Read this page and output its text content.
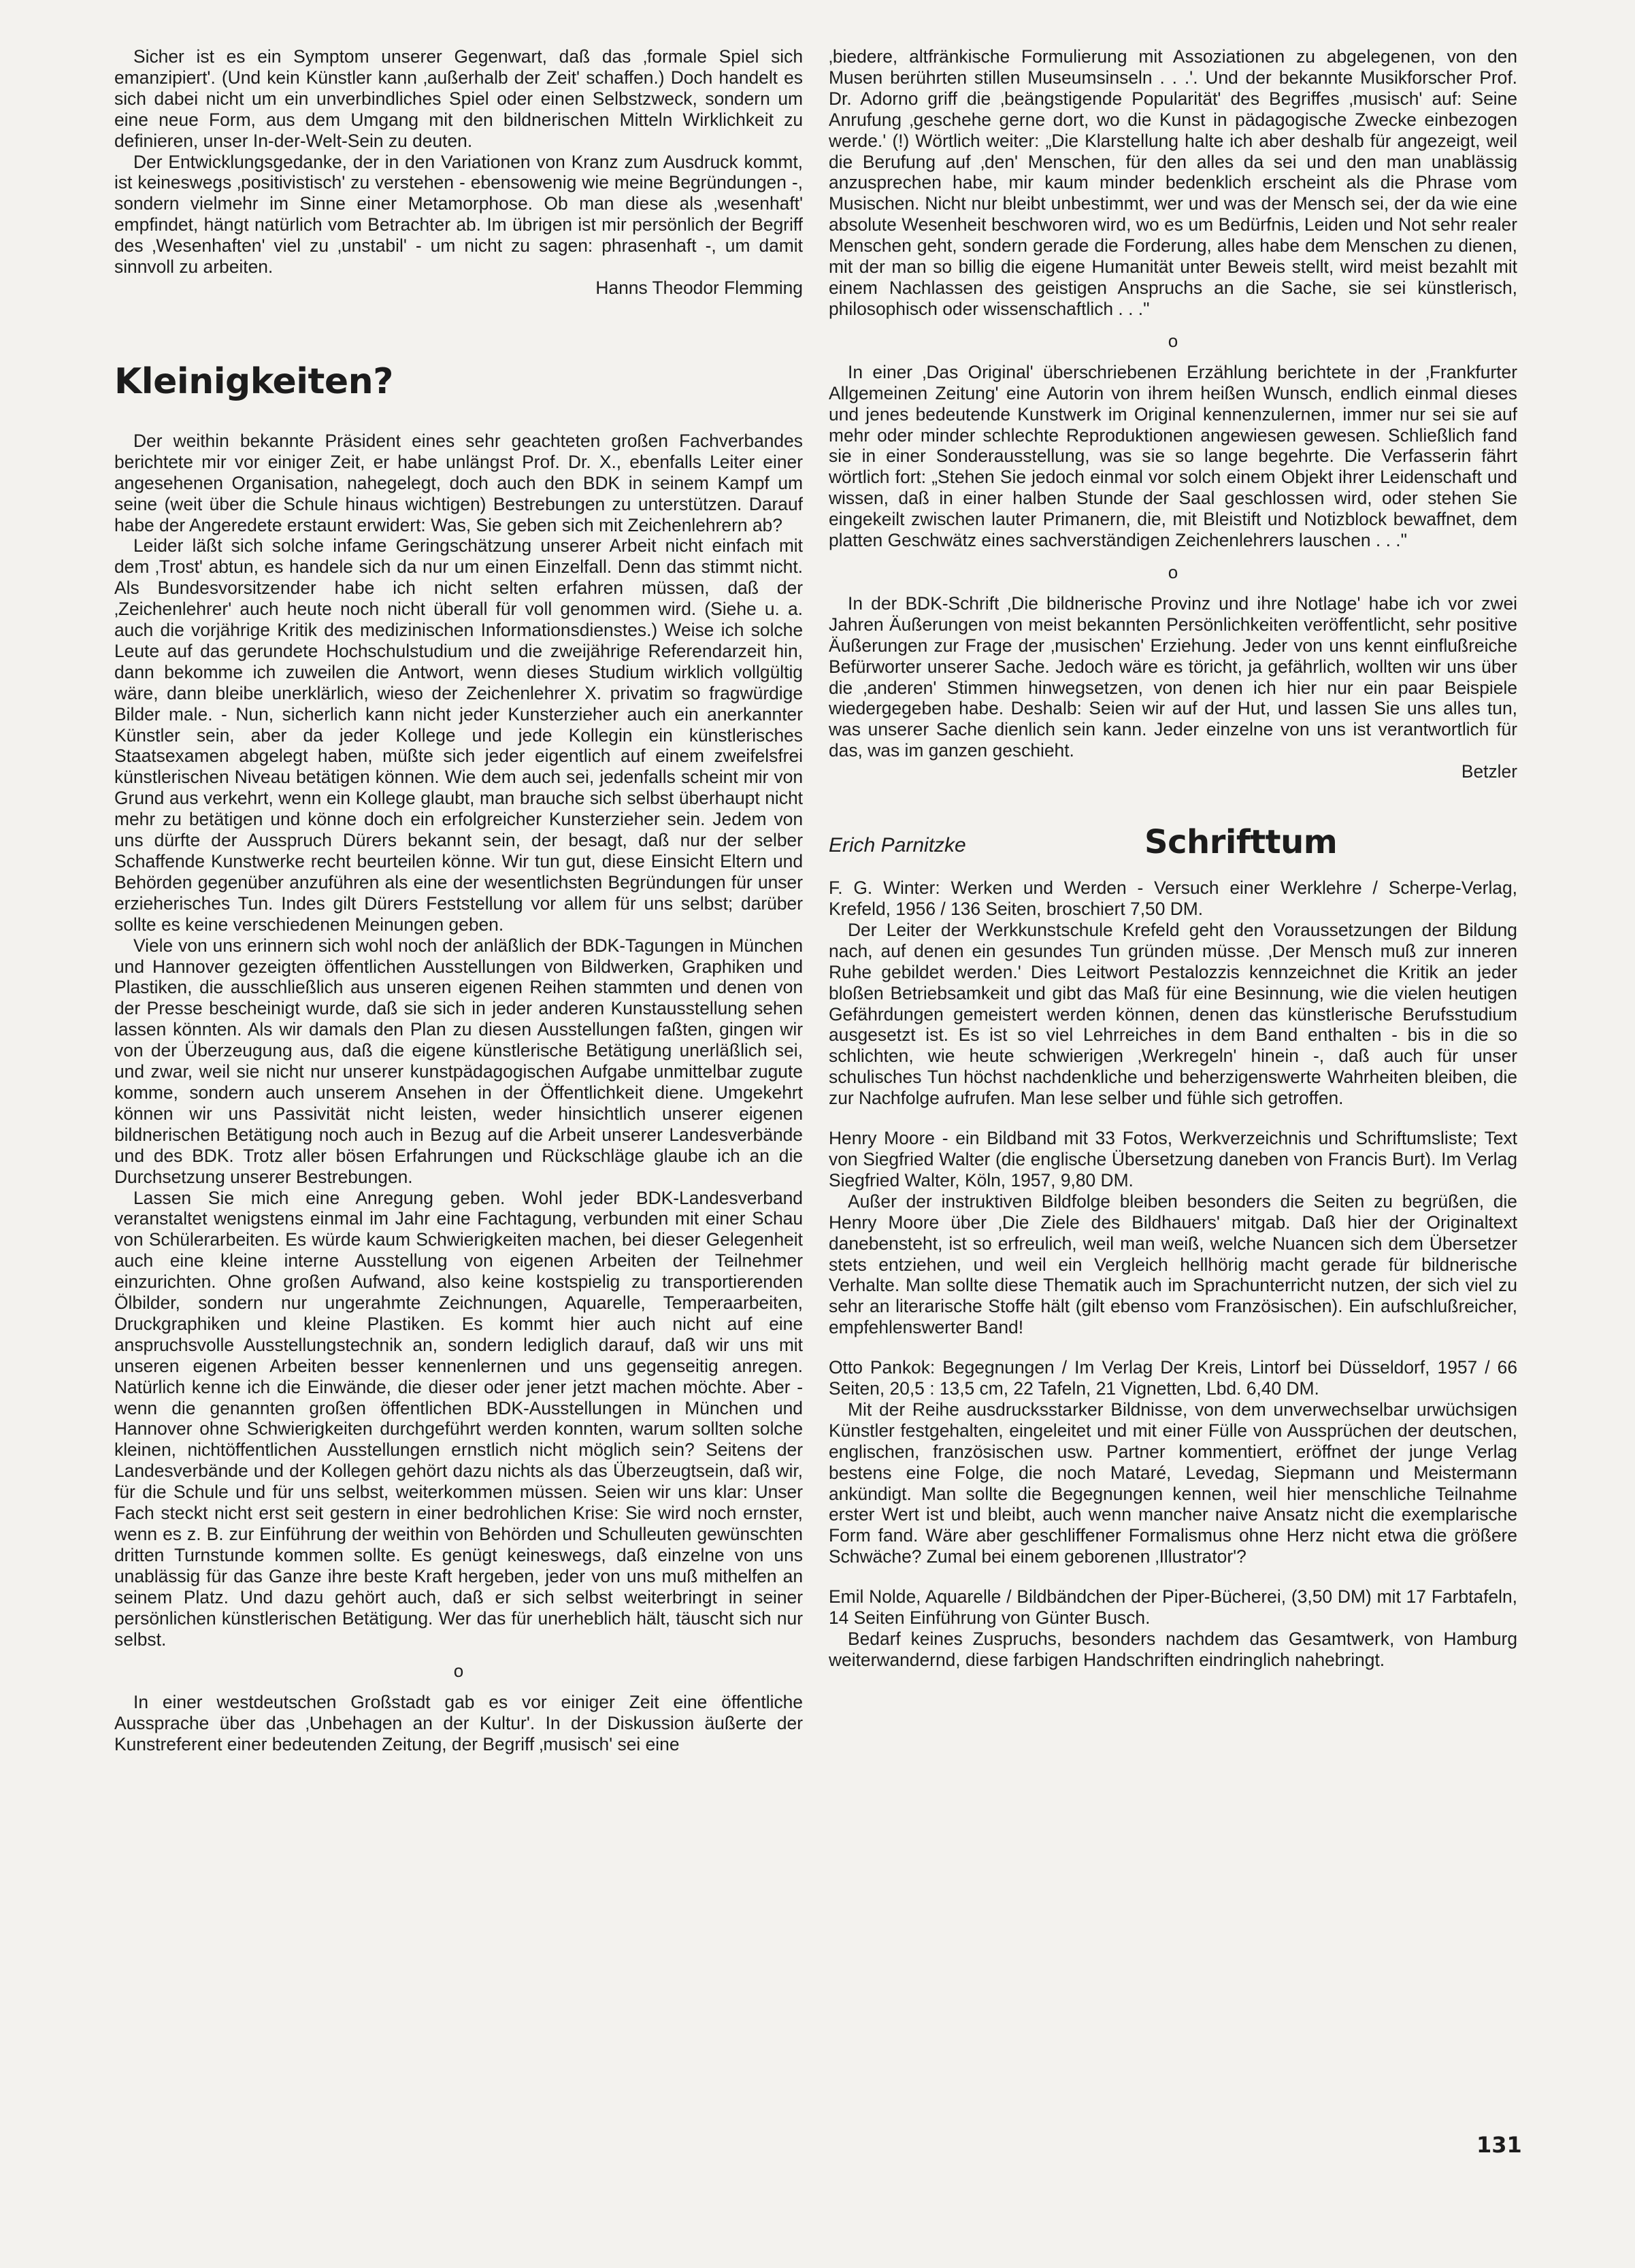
Sicher ist es ein Symptom unserer Gegenwart, daß das ‚formale Spiel sich emanzipiert'. (Und kein Künstler kann ‚außerhalb der Zeit' schaffen.) Doch handelt es sich dabei nicht um ein unverbindliches Spiel oder einen Selbstzweck, sondern um eine neue Form, aus dem Umgang mit den bildnerischen Mitteln Wirklichkeit zu definieren, unser In-der-Welt-Sein zu deuten.

Der Entwicklungsgedanke, der in den Variationen von Kranz zum Ausdruck kommt, ist keineswegs ‚positivistisch' zu verstehen - ebensowenig wie meine Begründungen -, sondern vielmehr im Sinne einer Metamorphose. Ob man diese als ‚wesenhaft' empfindet, hängt natürlich vom Betrachter ab. Im übrigen ist mir persönlich der Begriff des ‚Wesenhaften' viel zu ‚unstabil' - um nicht zu sagen: phrasenhaft -, um damit sinnvoll zu arbeiten.

Hanns Theodor Flemming

Kleinigkeiten?

Der weithin bekannte Präsident eines sehr geachteten großen Fachverbandes berichtete mir vor einiger Zeit, er habe unlängst Prof. Dr. X., ebenfalls Leiter einer angesehenen Organisation, nahegelegt, doch auch den BDK in seinem Kampf um seine (weit über die Schule hinaus wichtigen) Bestrebungen zu unterstützen. Darauf habe der Angeredete erstaunt erwidert: Was, Sie geben sich mit Zeichenlehrern ab?

Leider läßt sich solche infame Geringschätzung unserer Arbeit nicht einfach mit dem ‚Trost' abtun, es handele sich da nur um einen Einzelfall. Denn das stimmt nicht. Als Bundesvorsitzender habe ich nicht selten erfahren müssen, daß der ‚Zeichenlehrer' auch heute noch nicht überall für voll genommen wird. (Siehe u. a. auch die vorjährige Kritik des medizinischen Informationsdienstes.) Weise ich solche Leute auf das gerundete Hochschulstudium und die zweijährige Referendarzeit hin, dann bekomme ich zuweilen die Antwort, wenn dieses Studium wirklich vollgültig wäre, dann bleibe unerklärlich, wieso der Zeichenlehrer X. privatim so fragwürdige Bilder male. - Nun, sicherlich kann nicht jeder Kunsterzieher auch ein anerkannter Künstler sein, aber da jeder Kollege und jede Kollegin ein künstlerisches Staatsexamen abgelegt haben, müßte sich jeder eigentlich auf einem zweifelsfrei künstlerischen Niveau betätigen können. Wie dem auch sei, jedenfalls scheint mir von Grund aus verkehrt, wenn ein Kollege glaubt, man brauche sich selbst überhaupt nicht mehr zu betätigen und könne doch ein erfolgreicher Kunsterzieher sein. Jedem von uns dürfte der Ausspruch Dürers bekannt sein, der besagt, daß nur der selber Schaffende Kunstwerke recht beurteilen könne. Wir tun gut, diese Einsicht Eltern und Behörden gegenüber anzuführen als eine der wesentlichsten Begründungen für unser erzieherisches Tun. Indes gilt Dürers Feststellung vor allem für uns selbst; darüber sollte es keine verschiedenen Meinungen geben.

Viele von uns erinnern sich wohl noch der anläßlich der BDK-Tagungen in München und Hannover gezeigten öffentlichen Ausstellungen von Bildwerken, Graphiken und Plastiken, die ausschließlich aus unseren eigenen Reihen stammten und denen von der Presse bescheinigt wurde, daß sie sich in jeder anderen Kunstausstellung sehen lassen könnten. Als wir damals den Plan zu diesen Ausstellungen faßten, gingen wir von der Überzeugung aus, daß die eigene künstlerische Betätigung unerläßlich sei, und zwar, weil sie nicht nur unserer kunstpädagogischen Aufgabe unmittelbar zugute komme, sondern auch unserem Ansehen in der Öffentlichkeit diene. Umgekehrt können wir uns Passivität nicht leisten, weder hinsichtlich unserer eigenen bildnerischen Betätigung noch auch in Bezug auf die Arbeit unserer Landesverbände und des BDK. Trotz aller bösen Erfahrungen und Rückschläge glaube ich an die Durchsetzung unserer Bestrebungen.

Lassen Sie mich eine Anregung geben. Wohl jeder BDK-Landesverband veranstaltet wenigstens einmal im Jahr eine Fachtagung, verbunden mit einer Schau von Schülerarbeiten. Es würde kaum Schwierigkeiten machen, bei dieser Gelegenheit auch eine kleine interne Ausstellung von eigenen Arbeiten der Teilnehmer einzurichten. Ohne großen Aufwand, also keine kostspielig zu transportierenden Ölbilder, sondern nur ungerahmte Zeichnungen, Aquarelle, Temperaarbeiten, Druckgraphiken und kleine Plastiken. Es kommt hier auch nicht auf eine anspruchsvolle Ausstellungstechnik an, sondern lediglich darauf, daß wir uns mit unseren eigenen Arbeiten besser kennenlernen und uns gegenseitig anregen. Natürlich kenne ich die Einwände, die dieser oder jener jetzt machen möchte. Aber - wenn die genannten großen öffentlichen BDK-Ausstellungen in München und Hannover ohne Schwierigkeiten durchgeführt werden konnten, warum sollten solche kleinen, nichtöffentlichen Ausstellungen ernstlich nicht möglich sein? Seitens der Landesverbände und der Kollegen gehört dazu nichts als das Überzeugtsein, daß wir, für die Schule und für uns selbst, weiterkommen müssen. Seien wir uns klar: Unser Fach steckt nicht erst seit gestern in einer bedrohlichen Krise: Sie wird noch ernster, wenn es z. B. zur Einführung der weithin von Behörden und Schulleuten gewünschten dritten Turnstunde kommen sollte. Es genügt keineswegs, daß einzelne von uns unablässig für das Ganze ihre beste Kraft hergeben, jeder von uns muß mithelfen an seinem Platz. Und dazu gehört auch, daß er sich selbst weiterbringt in seiner persönlichen künstlerischen Betätigung. Wer das für unerheblich hält, täuscht sich nur selbst.

o

In einer westdeutschen Großstadt gab es vor einiger Zeit eine öffentliche Aussprache über das ‚Unbehagen an der Kultur'. In der Diskussion äußerte der Kunstreferent einer bedeutenden Zeitung, der Begriff ‚musisch' sei eine

‚biedere, altfränkische Formulierung mit Assoziationen zu abgelegenen, von den Musen berührten stillen Museumsinseln . . .'. Und der bekannte Musikforscher Prof. Dr. Adorno griff die ‚beängstigende Popularität' des Begriffes ‚musisch' auf: Seine Anrufung ‚geschehe gerne dort, wo die Kunst in pädagogische Zwecke einbezogen werde.' (!) Wörtlich weiter: „Die Klarstellung halte ich aber deshalb für angezeigt, weil die Berufung auf ‚den' Menschen, für den alles da sei und den man unablässig anzusprechen habe, mir kaum minder bedenklich erscheint als die Phrase vom Musischen. Nicht nur bleibt unbestimmt, wer und was der Mensch sei, der da wie eine absolute Wesenheit beschworen wird, wo es um Bedürfnis, Leiden und Not sehr realer Menschen geht, sondern gerade die Forderung, alles habe dem Menschen zu dienen, mit der man so billig die eigene Humanität unter Beweis stellt, wird meist bezahlt mit einem Nachlassen des geistigen Anspruchs an die Sache, sie sei künstlerisch, philosophisch oder wissenschaftlich . . ."

o

In einer ‚Das Original' überschriebenen Erzählung berichtete in der ‚Frankfurter Allgemeinen Zeitung' eine Autorin von ihrem heißen Wunsch, endlich einmal dieses und jenes bedeutende Kunstwerk im Original kennenzulernen, immer nur sei sie auf mehr oder minder schlechte Reproduktionen angewiesen gewesen. Schließlich fand sie in einer Sonderausstellung, was sie so lange begehrte. Die Verfasserin fährt wörtlich fort: „Stehen Sie jedoch einmal vor solch einem Objekt ihrer Leidenschaft und wissen, daß in einer halben Stunde der Saal geschlossen wird, oder stehen Sie eingekeilt zwischen lauter Primanern, die, mit Bleistift und Notizblock bewaffnet, dem platten Geschwätz eines sachverständigen Zeichenlehrers lauschen . . ."

o

In der BDK-Schrift ‚Die bildnerische Provinz und ihre Notlage' habe ich vor zwei Jahren Äußerungen von meist bekannten Persönlichkeiten veröffentlicht, sehr positive Äußerungen zur Frage der ‚musischen' Erziehung. Jeder von uns kennt einflußreiche Befürworter unserer Sache. Jedoch wäre es töricht, ja gefährlich, wollten wir uns über die ‚anderen' Stimmen hinwegsetzen, von denen ich hier nur ein paar Beispiele wiedergegeben habe. Deshalb: Seien wir auf der Hut, und lassen Sie uns alles tun, was unserer Sache dienlich sein kann. Jeder einzelne von uns ist verantwortlich für das, was im ganzen geschieht.

Betzler

Erich Parnitzke	Schrifttum

F. G. Winter: Werken und Werden - Versuch einer Werklehre / Scherpe-Verlag, Krefeld, 1956 / 136 Seiten, broschiert 7,50 DM.

Der Leiter der Werkkunstschule Krefeld geht den Voraussetzungen der Bildung nach, auf denen ein gesundes Tun gründen müsse. ‚Der Mensch muß zur inneren Ruhe gebildet werden.' Dies Leitwort Pestalozzis kennzeichnet die Kritik an jeder bloßen Betriebsamkeit und gibt das Maß für eine Besinnung, wie die vielen heutigen Gefährdungen gemeistert werden können, denen das künstlerische Berufsstudium ausgesetzt ist. Es ist so viel Lehrreiches in dem Band enthalten - bis in die so schlichten, wie heute schwierigen ‚Werkregeln' hinein -, daß auch für unser schulisches Tun höchst nachdenkliche und beherzigenswerte Wahrheiten bleiben, die zur Nachfolge aufrufen. Man lese selber und fühle sich getroffen.

Henry Moore - ein Bildband mit 33 Fotos, Werkverzeichnis und Schriftumsliste; Text von Siegfried Walter (die englische Übersetzung daneben von Francis Burt). Im Verlag Siegfried Walter, Köln, 1957, 9,80 DM.

Außer der instruktiven Bildfolge bleiben besonders die Seiten zu begrüßen, die Henry Moore über ‚Die Ziele des Bildhauers' mitgab. Daß hier der Originaltext danebensteht, ist so erfreulich, weil man weiß, welche Nuancen sich dem Übersetzer stets entziehen, und weil ein Vergleich hellhörig macht gerade für bildnerische Verhalte. Man sollte diese Thematik auch im Sprachunterricht nutzen, der sich viel zu sehr an literarische Stoffe hält (gilt ebenso vom Französischen). Ein aufschlußreicher, empfehlenswerter Band!

Otto Pankok: Begegnungen / Im Verlag Der Kreis, Lintorf bei Düsseldorf, 1957 / 66 Seiten, 20,5 : 13,5 cm, 22 Tafeln, 21 Vignetten, Lbd. 6,40 DM.

Mit der Reihe ausdrucksstarker Bildnisse, von dem unverwechselbar urwüchsigen Künstler festgehalten, eingeleitet und mit einer Fülle von Aussprüchen der deutschen, englischen, französischen usw. Partner kommentiert, eröffnet der junge Verlag bestens eine Folge, die noch Mataré, Levedag, Siepmann und Meistermann ankündigt. Man sollte die Begegnungen kennen, weil hier menschliche Teilnahme erster Wert ist und bleibt, auch wenn mancher naive Ansatz nicht die exemplarische Form fand. Wäre aber geschliffener Formalismus ohne Herz nicht etwa die größere Schwäche? Zumal bei einem geborenen ‚Illustrator'?

Emil Nolde, Aquarelle / Bildbändchen der Piper-Bücherei, (3,50 DM) mit 17 Farbtafeln, 14 Seiten Einführung von Günter Busch.

Bedarf keines Zuspruchs, besonders nachdem das Gesamtwerk, von Hamburg weiterwandernd, diese farbigen Handschriften eindringlich nahebringt.

131
